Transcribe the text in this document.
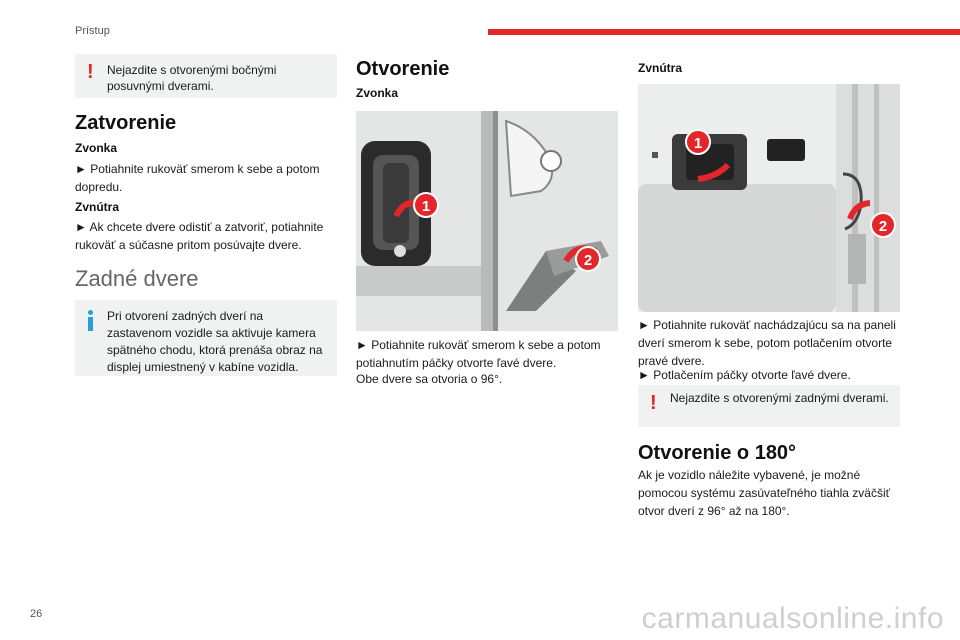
Prístup
! Nejazdite s otvorenými bočnými posuvnými dverami.
Zatvorenie
Zvonka

► Potiahnite rukoväť smerom k sebe a potom dopredu.

Zvnútra

► Ak chcete dvere odistiť a zatvoriť, potiahnite rukoväť a súčasne pritom posúvajte dvere.

Zadné dvere
Pri otvorení zadných dverí na zastavenom vozidle sa aktivuje kamera spätného chodu, ktorá prenáša obraz na displej umiestnený v kabíne vozidla.
Otvorenie
Zvonka
1
2

► Potiahnite rukoväť smerom k sebe a potom potiahnutím páčky otvorte ľavé dvere.

Obe dvere sa otvoria o 96°.

Zvnútra
1
2

► Potiahnite rukoväť nachádzajúcu sa na paneli dverí smerom k sebe, potom potlačením otvorte pravé dvere.

► Potlačením páčky otvorte ľavé dvere.

! Nejazdite s otvorenými zadnými dverami.
Otvorenie o 180°

Ak je vozidlo náležite vybavené, je možné pomocou systému zasúvateľného tiahla zväčšiť otvor dverí z 96° až na 180°.

26	carmanualsonline.info
